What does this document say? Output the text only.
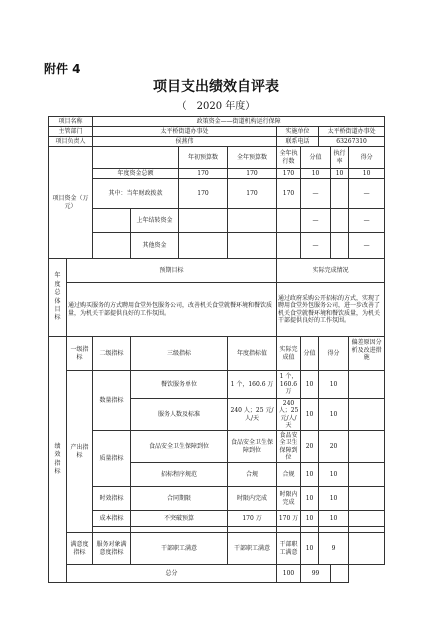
附件 4
项目支出绩效自评表
（　2020 年度）
项目名称		政策资金——街道机构运行保障								
主管部门		太平桥街道办事处				实施单位		太平桥街道办事处		
项目负责人		侯燕伟				联系电话		63267310		
项目资金（万元）				年初预算数	全年预算数	全年执行数	分值		执行率	得分
		年度资金总额		170	170	170	10		10	10
		其中：当年财政拨款		170	170	170	—			—
			上年结转资金				—			—
			其他资金				—			—
年度总体目标	预期目标					实际完成情况				
	通过购买服务的方式聘用食堂外包服务公司，改善机关食堂就餐环境和餐饮质量，为机关干部提供良好的工作氛围。					通过政府采购公开招标的方式，实现了聘用食堂外包服务公司，进一步改善了机关食堂就餐环境和餐饮质量，为机关干部提供良好的工作氛围。				
绩效指标	一级指标	二级指标	三级指标		年度指标值	实际完成值	分值	得分		偏差原因分析及改进措施
	产出指标	数量指标	餐饮服务单位		1 个，160.6 万	1 个，160.6 万	10	10		
			服务人数及标准		240 人；25 元/人/天	240 人；25 元/人/天	10	10		
		质量指标	食品安全卫生保障到位		食品安全卫生保障到位	食品安全卫生保障到位	20	20		
			招标程序规范		合规	合规	10	10		
		时效指标	合同期限		时限内完成	时限内完成	10	10		
		成本指标	不突破预算		170 万	170 万	10	10		

	满意度指标	服务对象满意度指标	干部职工满意		干部职工满意	干部职工满意	10	9		
	总分					100	99			
